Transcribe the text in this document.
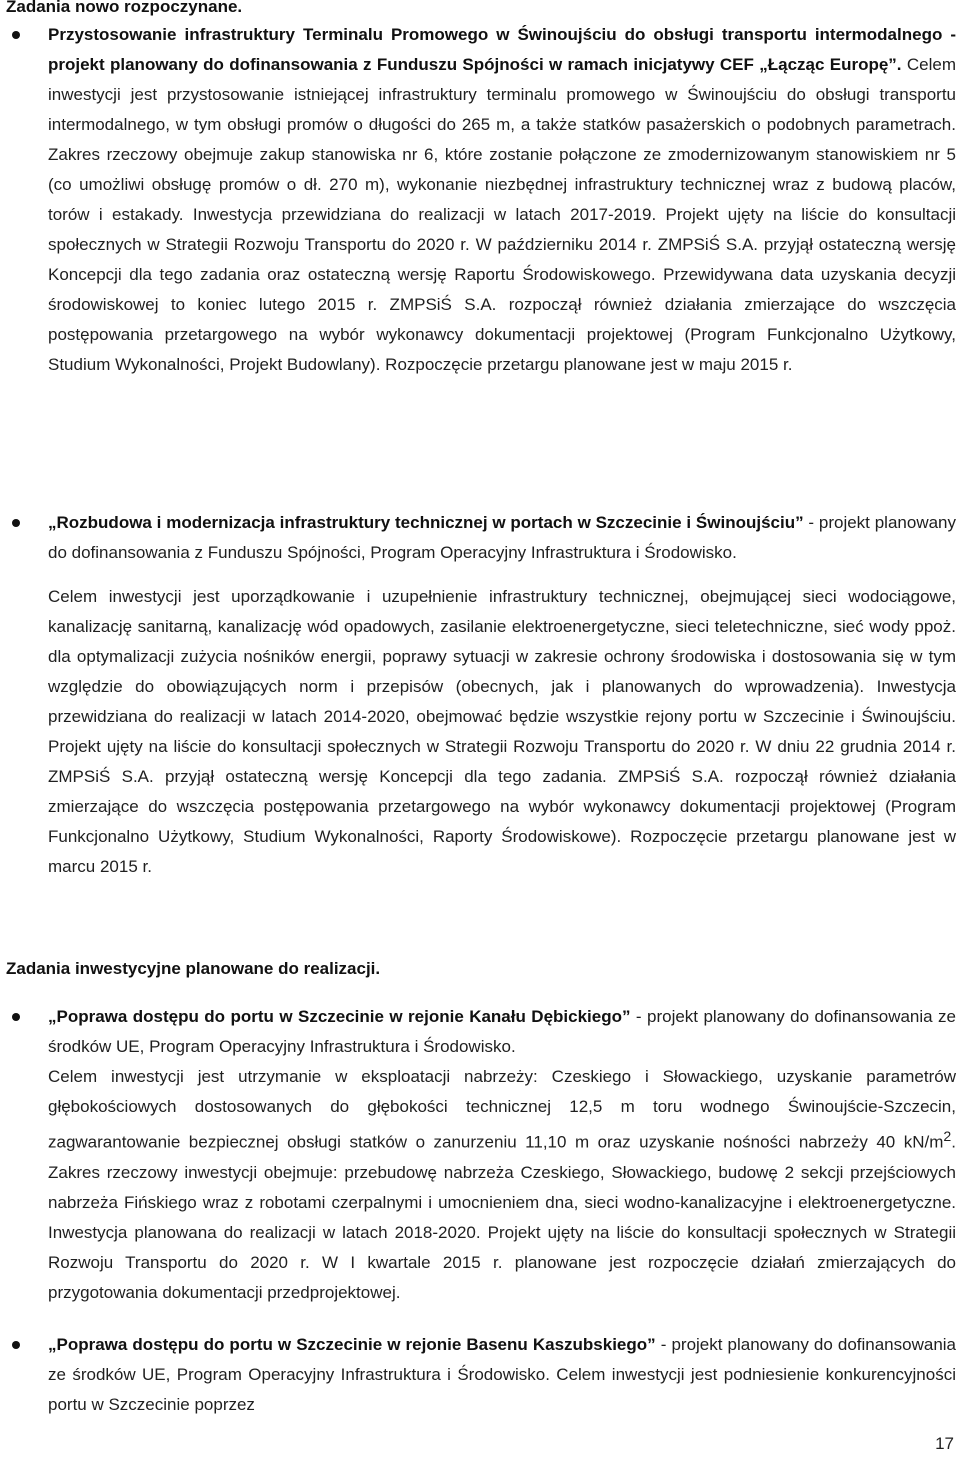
Zadania nowo rozpoczynane.

Przystosowanie infrastruktury Terminalu Promowego w Świnoujściu do obsługi transportu intermodalnego - projekt planowany do dofinansowania z Funduszu Spójności w ramach inicjatywy CEF „Łącząc Europę”. Celem inwestycji jest przystosowanie istniejącej infrastruktury terminalu promowego w Świnoujściu do obsługi transportu intermodalnego, w tym obsługi promów o długości do 265 m, a także statków pasażerskich o podobnych parametrach. Zakres rzeczowy obejmuje zakup stanowiska nr 6, które zostanie połączone ze zmodernizowanym stanowiskiem nr 5 (co umożliwi obsługę promów o dł. 270 m), wykonanie niezbędnej infrastruktury technicznej wraz z budową placów, torów i estakady. Inwestycja przewidziana do realizacji w latach 2017-2019. Projekt ujęty na liście do konsultacji społecznych w Strategii Rozwoju Transportu do 2020 r. W październiku 2014 r. ZMPSiŚ S.A. przyjął ostateczną wersję Koncepcji dla tego zadania oraz ostateczną wersję Raportu Środowiskowego. Przewidywana data uzyskania decyzji środowiskowej to koniec lutego 2015 r. ZMPSiŚ S.A. rozpoczął również działania zmierzające do wszczęcia postępowania przetargowego na wybór wykonawcy dokumentacji projektowej (Program Funkcjonalno Użytkowy, Studium Wykonalności, Projekt Budowlany). Rozpoczęcie przetargu planowane jest w maju 2015 r.

„Rozbudowa i modernizacja infrastruktury technicznej w portach w Szczecinie i Świnoujściu” - projekt planowany do dofinansowania z Funduszu Spójności, Program Operacyjny Infrastruktura i Środowisko.
Celem inwestycji jest uporządkowanie i uzupełnienie infrastruktury technicznej, obejmującej sieci wodociągowe, kanalizację sanitarną, kanalizację wód opadowych, zasilanie elektroenergetyczne, sieci teletechniczne, sieć wody ppoż. dla optymalizacji zużycia nośników energii, poprawy sytuacji w zakresie ochrony środowiska i dostosowania się w tym względzie do obowiązujących norm i przepisów (obecnych, jak i planowanych do wprowadzenia). Inwestycja przewidziana do realizacji w latach 2014-2020, obejmować będzie wszystkie rejony portu w Szczecinie i Świnoujściu. Projekt ujęty na liście do konsultacji społecznych w Strategii Rozwoju Transportu do 2020 r. W dniu 22 grudnia 2014 r. ZMPSiŚ S.A. przyjął ostateczną wersję Koncepcji dla tego zadania. ZMPSiŚ S.A. rozpoczął również działania zmierzające do wszczęcia postępowania przetargowego na wybór wykonawcy dokumentacji projektowej (Program Funkcjonalno Użytkowy, Studium Wykonalności, Raporty Środowiskowe). Rozpoczęcie przetargu planowane jest w marcu 2015 r.

Zadania inwestycyjne planowane do realizacji.

„Poprawa dostępu do portu w Szczecinie w rejonie Kanału Dębickiego” - projekt planowany do dofinansowania ze środków UE, Program Operacyjny Infrastruktura i Środowisko.
Celem inwestycji jest utrzymanie w eksploatacji nabrzeży: Czeskiego i Słowackiego, uzyskanie parametrów głębokościowych dostosowanych do głębokości technicznej 12,5 m toru wodnego Świnoujście-Szczecin, zagwarantowanie bezpiecznej obsługi statków o zanurzeniu 11,10 m oraz uzyskanie nośności nabrzeży 40 $kN/m^2$. Zakres rzeczowy inwestycji obejmuje: przebudowę nabrzeża Czeskiego, Słowackiego, budowę 2 sekcji przejściowych nabrzeża Fińskiego wraz z robotami czerpalnymi i umocnieniem dna, sieci wodno-kanalizacyjne i elektroenergetyczne. Inwestycja planowana do realizacji w latach 2018-2020. Projekt ujęty na liście do konsultacji społecznych w Strategii Rozwoju Transportu do 2020 r. W I kwartale 2015 r. planowane jest rozpoczęcie działań zmierzających do przygotowania dokumentacji przedprojektowej.

„Poprawa dostępu do portu w Szczecinie w rejonie Basenu Kaszubskiego” - projekt planowany do dofinansowania ze środków UE, Program Operacyjny Infrastruktura i Środowisko. Celem inwestycji jest podniesienie konkurencyjności portu w Szczecinie poprzez

17
